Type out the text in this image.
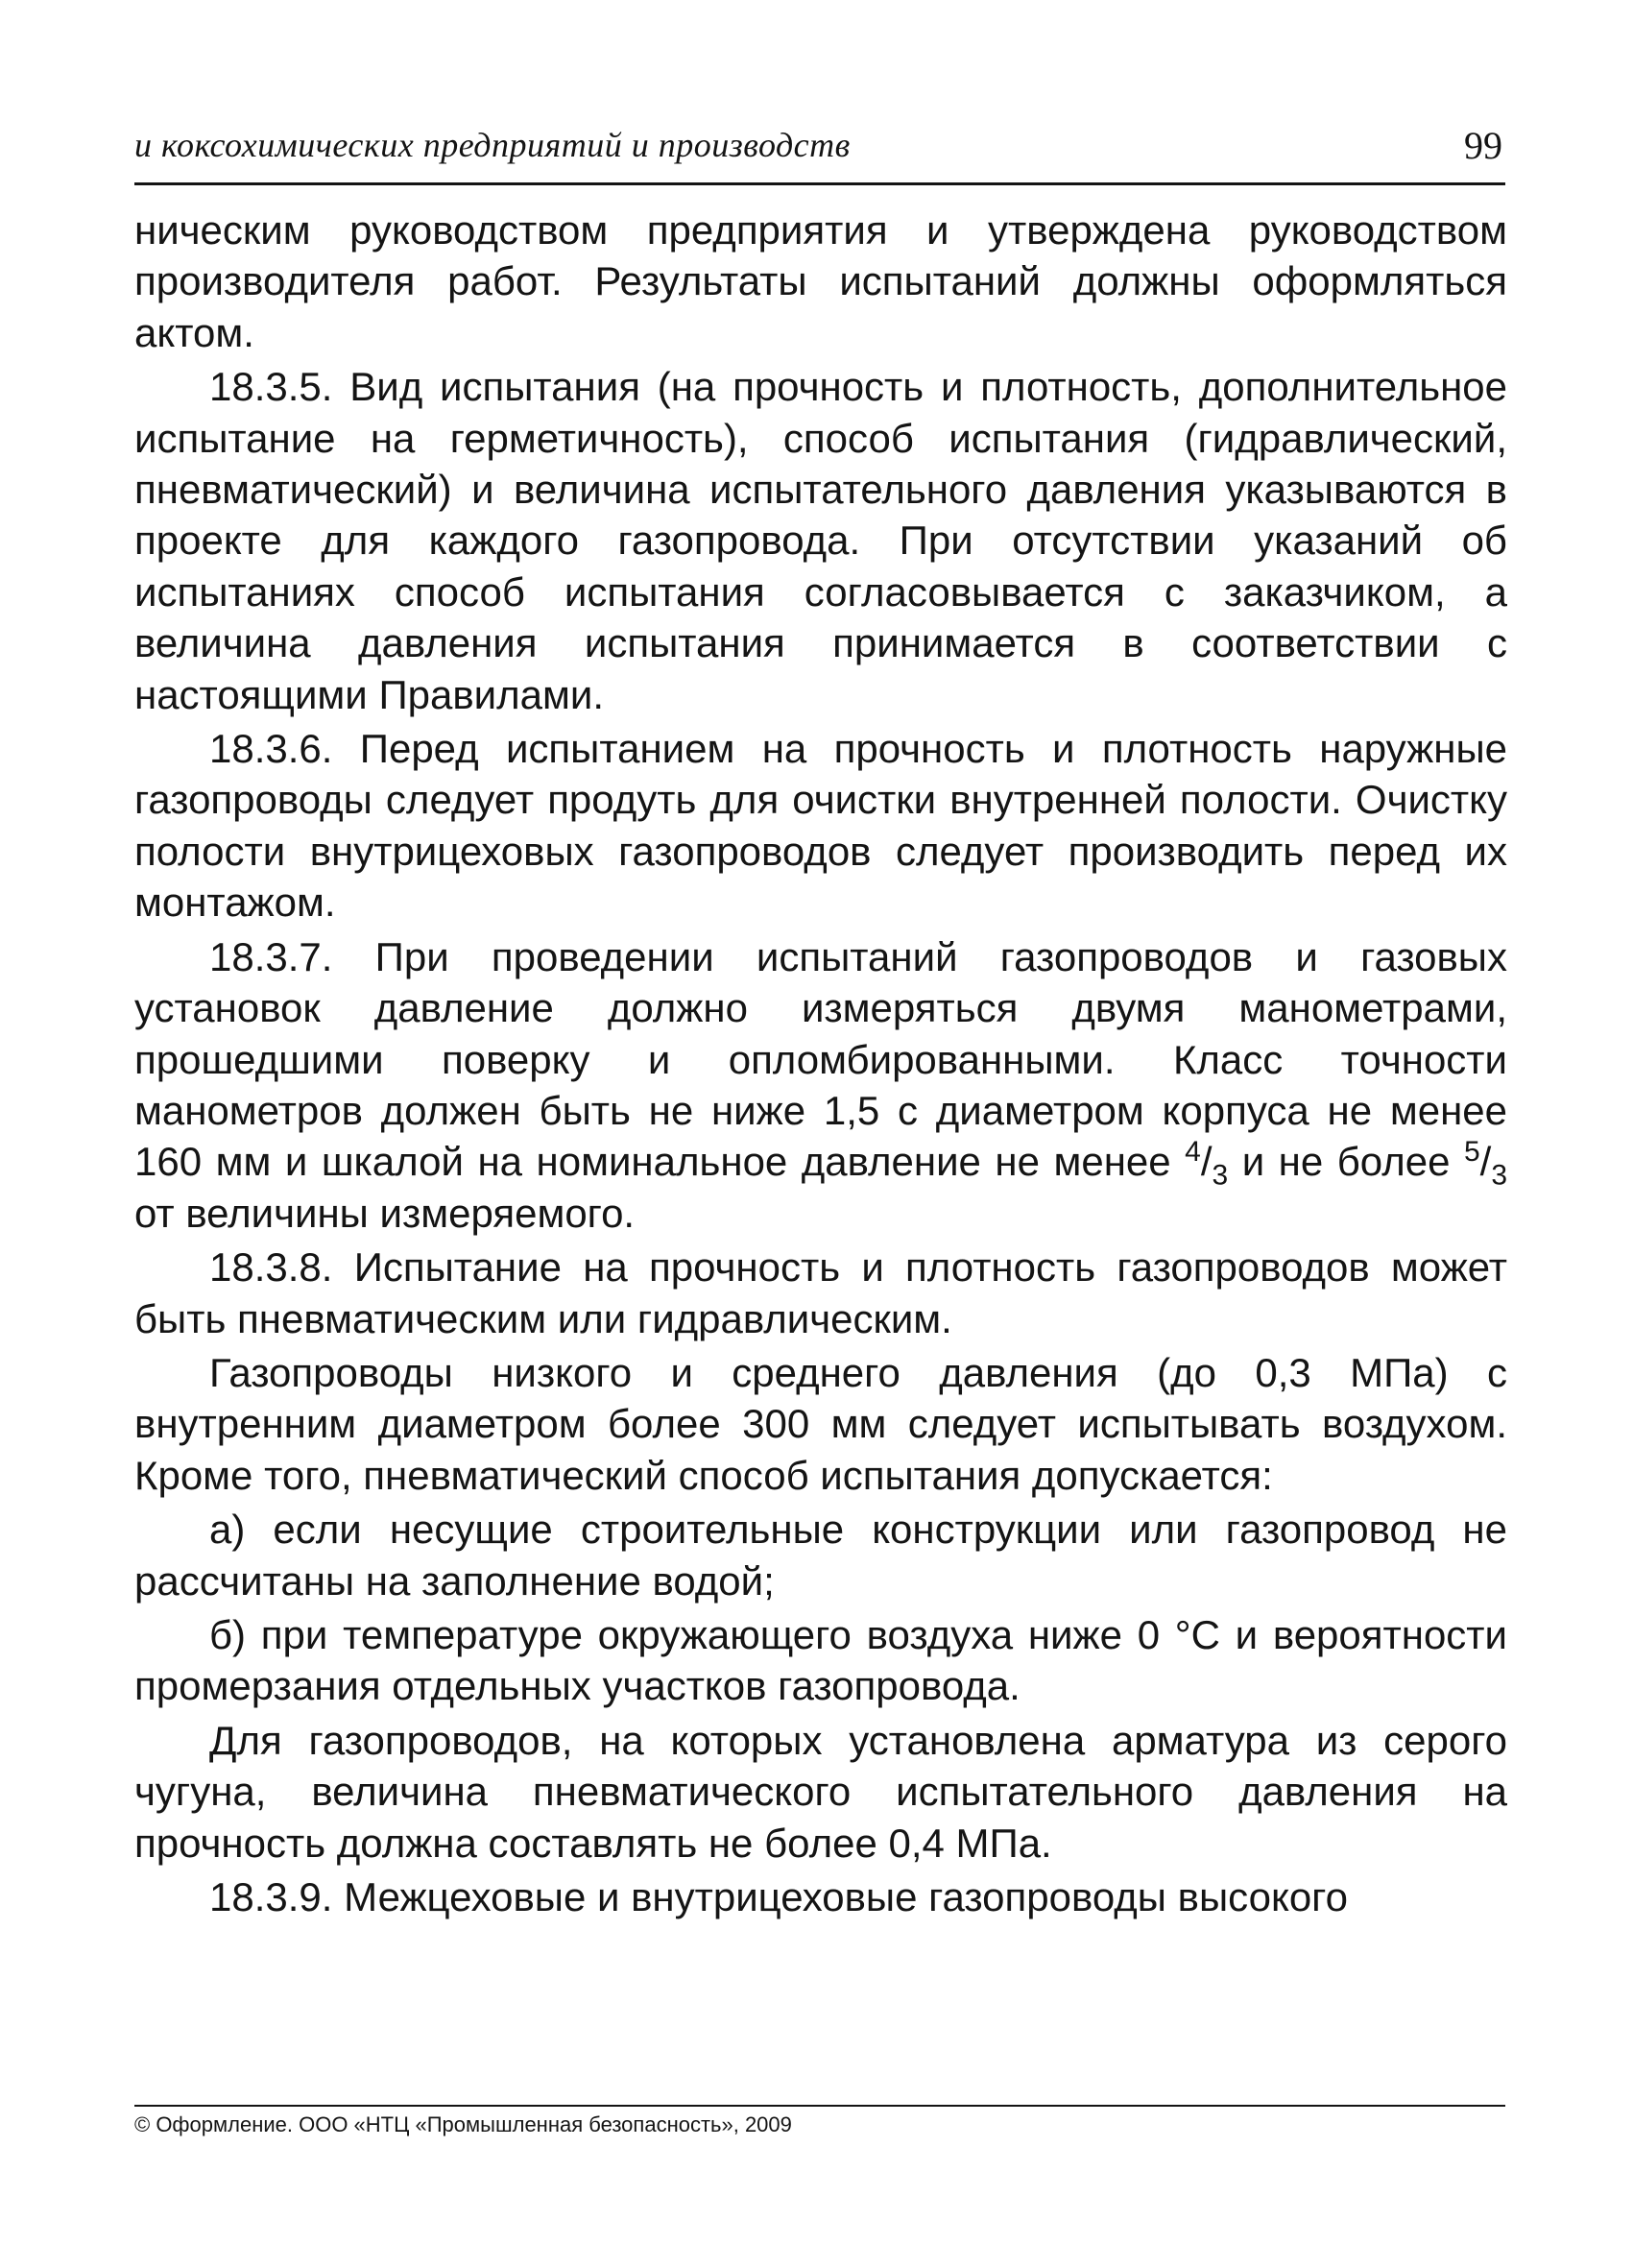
и коксохимических предприятий и производств	99

ническим руководством предприятия и утверждена руководством производителя работ. Результаты испытаний должны оформляться актом.

18.3.5. Вид испытания (на прочность и плотность, дополнительное испытание на герметичность), способ испытания (гидравлический, пневматический) и величина испытательного давления указываются в проекте для каждого газопровода. При отсутствии указаний об испытаниях способ испытания согласовывается с заказчиком, а величина давления испытания принимается в соответствии с настоящими Правилами.

18.3.6. Перед испытанием на прочность и плотность наружные газопроводы следует продуть для очистки внутренней полости. Очистку полости внутрицеховых газопроводов следует производить перед их монтажом.

18.3.7. При проведении испытаний газопроводов и газовых установок давление должно измеряться двумя манометрами, прошедшими поверку и опломбированными. Класс точности манометров должен быть не ниже 1,5 с диаметром корпуса не менее 160 мм и шкалой на номинальное давление не менее $^4/_3$ и не более $^5/_3$ от величины измеряемого.

18.3.8. Испытание на прочность и плотность газопроводов может быть пневматическим или гидравлическим.

Газопроводы низкого и среднего давления (до 0,3 МПа) с внутренним диаметром более 300 мм следует испытывать воздухом. Кроме того, пневматический способ испытания допускается:

а) если несущие строительные конструкции или газопровод не рассчитаны на заполнение водой;

б) при температуре окружающего воздуха ниже 0 °С и вероятности промерзания отдельных участков газопровода.

Для газопроводов, на которых установлена арматура из серого чугуна, величина пневматического испытательного давления на прочность должна составлять не более 0,4 МПа.

18.3.9. Межцеховые и внутрицеховые газопроводы высокого

© Оформление. ООО «НТЦ «Промышленная безопасность», 2009
